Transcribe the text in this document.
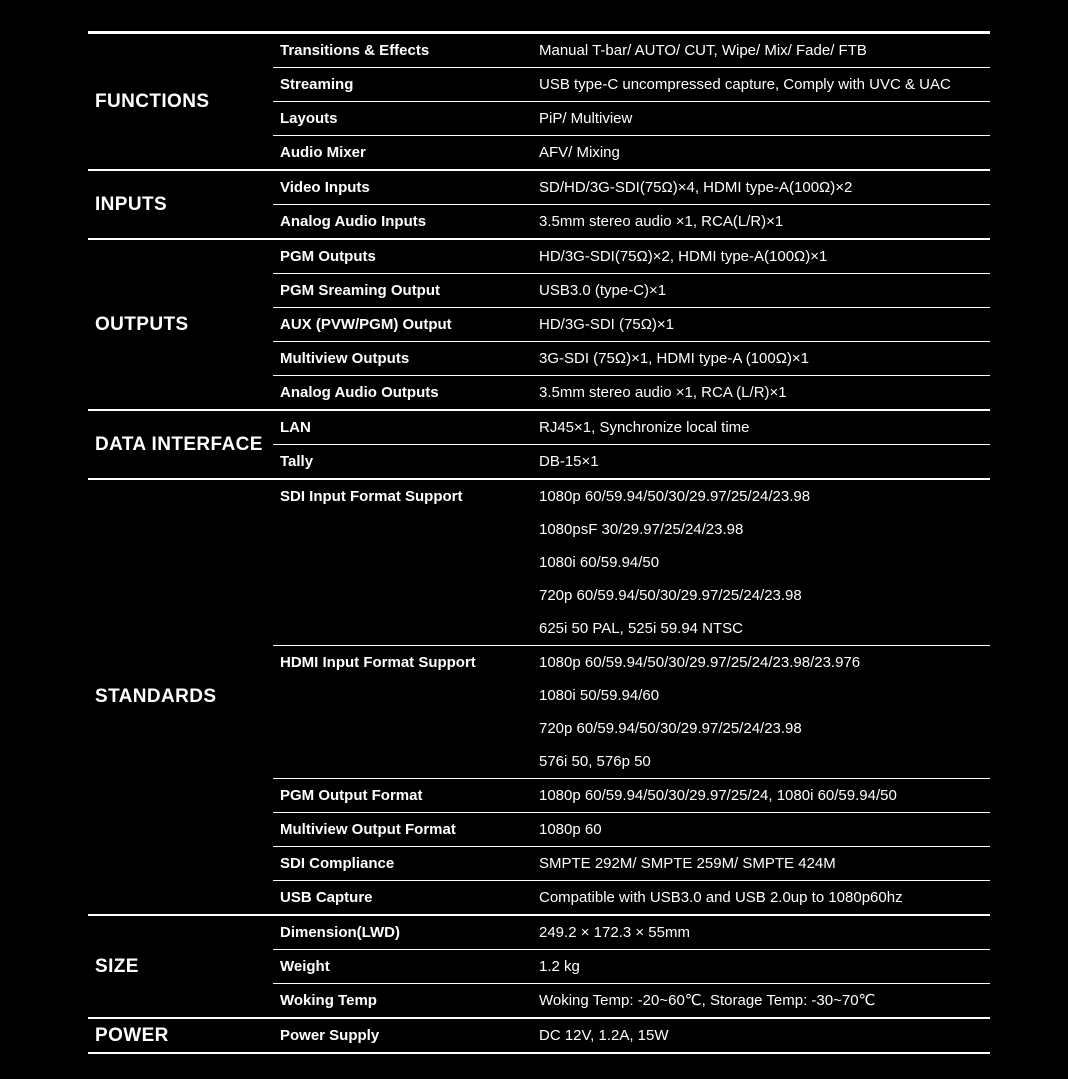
FUNCTIONS
Transitions & Effects	Manual T-bar/ AUTO/ CUT, Wipe/ Mix/ Fade/ FTB
Streaming	USB type-C uncompressed capture, Comply with UVC & UAC
Layouts	PiP/ Multiview
Audio Mixer	AFV/ Mixing
INPUTS
Video Inputs	SD/HD/3G-SDI(75Ω)×4, HDMI type-A(100Ω)×2
Analog Audio Inputs	3.5mm stereo audio ×1, RCA(L/R)×1
OUTPUTS
PGM Outputs	HD/3G-SDI(75Ω)×2, HDMI type-A(100Ω)×1
PGM Sreaming Output	USB3.0 (type-C)×1
AUX (PVW/PGM) Output	HD/3G-SDI (75Ω)×1
Multiview Outputs	3G-SDI (75Ω)×1, HDMI type-A (100Ω)×1
Analog Audio Outputs	3.5mm stereo audio ×1, RCA (L/R)×1
DATA INTERFACE
LAN	RJ45×1, Synchronize local time
Tally	DB-15×1
STANDARDS
SDI Input Format Support	1080p 60/59.94/50/30/29.97/25/24/23.98
1080psF 30/29.97/25/24/23.98
1080i 60/59.94/50
720p 60/59.94/50/30/29.97/25/24/23.98
625i 50 PAL, 525i 59.94 NTSC
HDMI Input Format Support	1080p 60/59.94/50/30/29.97/25/24/23.98/23.976
1080i 50/59.94/60
720p 60/59.94/50/30/29.97/25/24/23.98
576i 50, 576p 50
PGM Output Format	1080p 60/59.94/50/30/29.97/25/24, 1080i 60/59.94/50
Multiview Output Format	1080p 60
SDI Compliance	SMPTE 292M/ SMPTE 259M/ SMPTE 424M
USB Capture	Compatible with USB3.0 and USB 2.0up to 1080p60hz
SIZE
Dimension(LWD)	249.2 × 172.3 × 55mm
Weight	1.2 kg
Woking Temp	Woking Temp: -20~60℃, Storage Temp: -30~70℃
POWER	Power Supply	DC 12V, 1.2A, 15W
